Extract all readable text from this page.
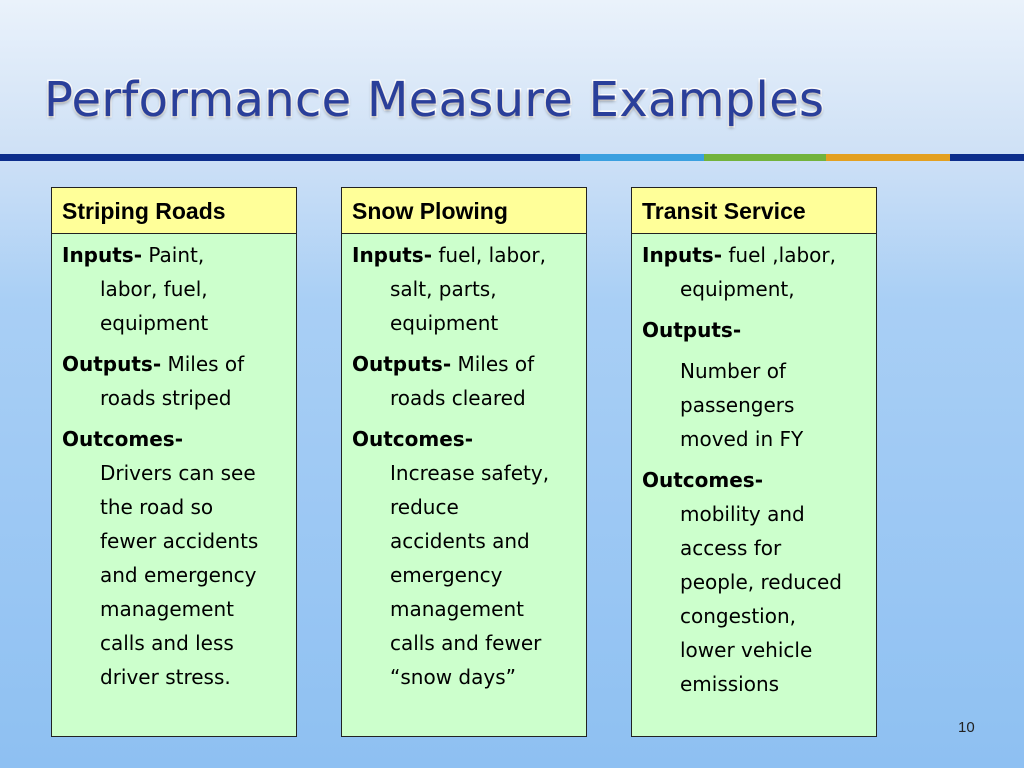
Performance Measure Examples
Striping Roads
Inputs- Paint,
labor, fuel,
equipment
Outputs- Miles of
roads striped
Outcomes-
Drivers can see
the road so
fewer accidents
and emergency
management
calls and less
driver stress.
Snow Plowing
Inputs- fuel, labor,
salt, parts,
equipment
Outputs- Miles of
roads cleared
Outcomes-
Increase safety,
reduce
accidents and
emergency
management
calls and fewer
“snow days”
Transit Service
Inputs- fuel ,labor,
equipment,
Outputs-
Number of
passengers
moved in FY
Outcomes-
mobility and
access for
people, reduced
congestion,
lower vehicle
emissions
10
